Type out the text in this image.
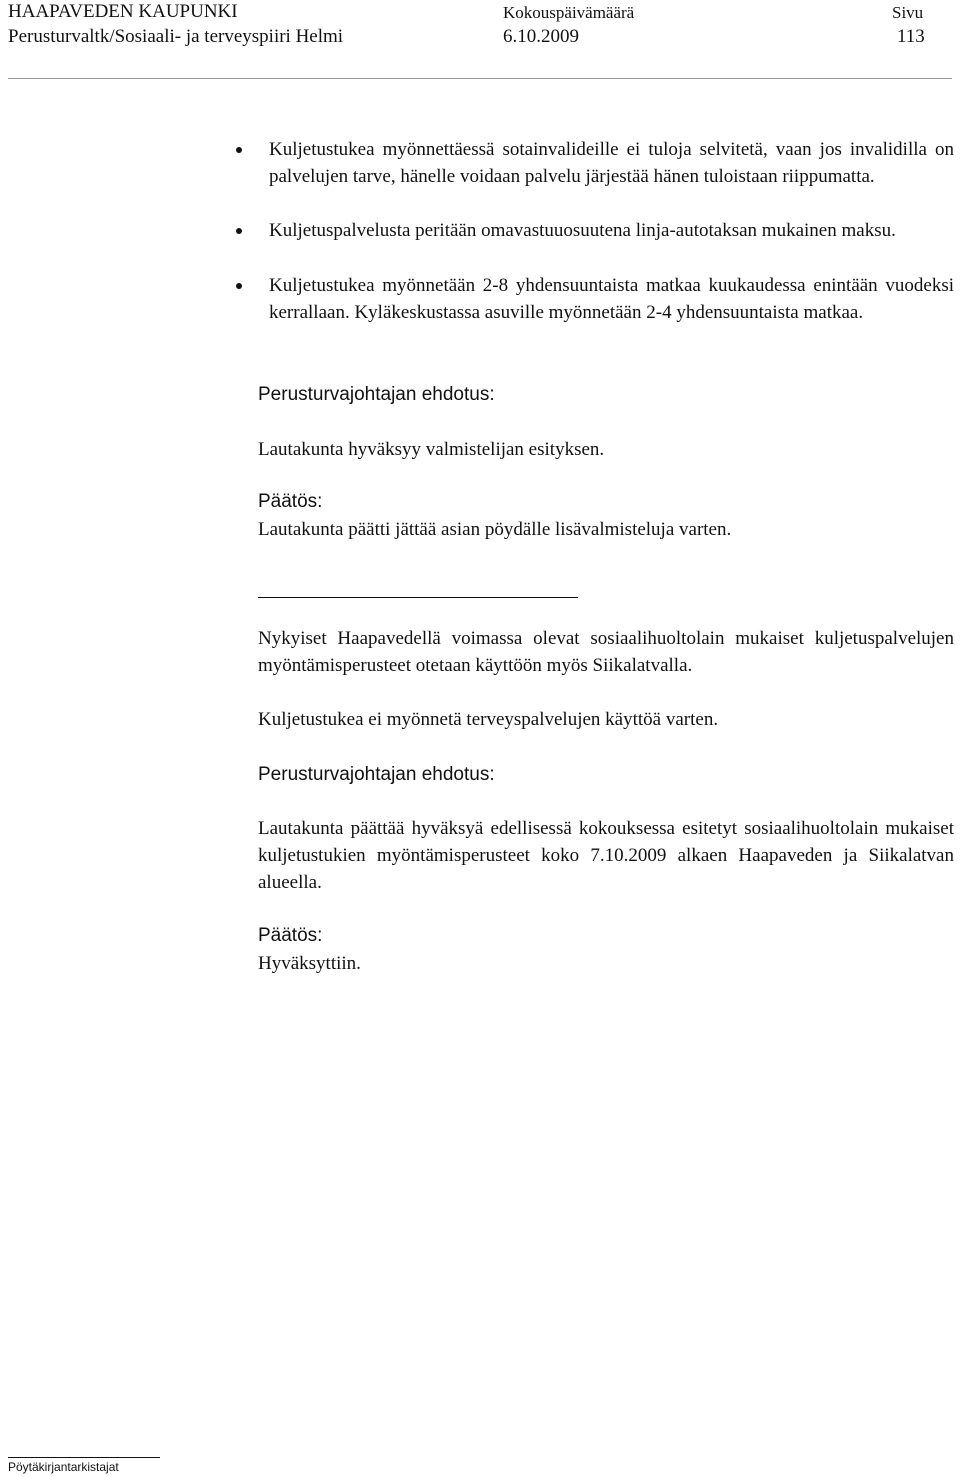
HAAPAVEDEN KAUPUNKI
Perusturvaltk/Sosiaali- ja terveyspiiri Helmi
Kokouspäivämäärä
6.10.2009
Sivu
113
Kuljetustukea myönnettäessä sotainvalideille ei tuloja selvitetä, vaan jos invalidilla on palvelujen tarve, hänelle voidaan palvelu järjestää hänen tuloistaan riippumatta.
Kuljetuspalvelusta peritään omavastuuosuutena linja-autotaksan mukainen maksu.
Kuljetustukea myönnetään 2-8 yhdensuuntaista matkaa kuukaudessa enintään vuodeksi kerrallaan. Kyläkeskustassa asuville myönnetään 2-4 yhdensuuntaista matkaa.
Perusturvajohtajan ehdotus:
Lautakunta hyväksyy valmistelijan esityksen.
Päätös:
Lautakunta päätti jättää asian pöydälle lisävalmisteluja varten.
Nykyiset Haapavedellä voimassa olevat sosiaalihuoltolain mukaiset kuljetuspalvelujen myöntämisperusteet otetaan käyttöön myös Siikalatvalla.
Kuljetustukea ei myönnetä terveyspalvelujen käyttöä varten.
Perusturvajohtajan ehdotus:
Lautakunta päättää hyväksyä edellisessä kokouksessa esitetyt sosiaalihuoltolain mukaiset kuljetustukien myöntämisperusteet koko 7.10.2009 alkaen Haapaveden ja Siikalatvan alueella.
Päätös:
Hyväksyttiin.
Pöytäkirjantarkistajat
